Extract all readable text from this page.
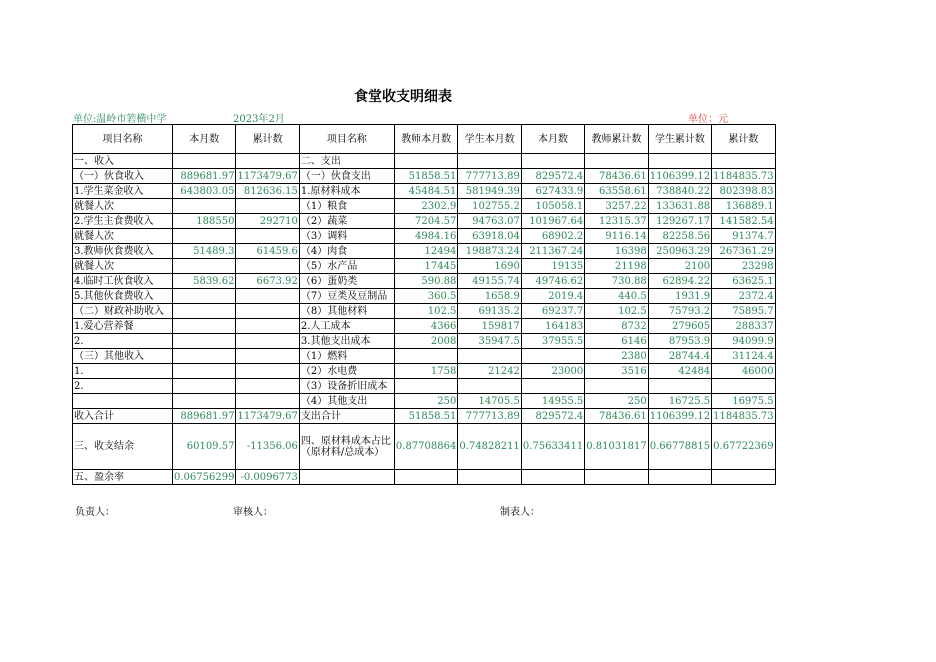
食堂收支明细表
单位:温岭市箬横中学	2023年2月	单位：元
项目名称	本月数	累计数	项目名称	教师本月数	学生本月数	本月数	教师累计数	学生累计数	累计数
一、收入			二、支出						
（一）伙食收入	889681.97	1173479.67	（一）伙食支出	51858.51	777713.89	829572.4	78436.61	1106399.12	1184835.73
1.学生菜金收入	643803.05	812636.15	1.原材料成本	45484.51	581949.39	627433.9	63558.61	738840.22	802398.83
就餐人次			（1）粮食	2302.9	102755.2	105058.1	3257.22	133631.88	136889.1
2.学生主食费收入	188550	292710	（2）蔬菜	7204.57	94763.07	101967.64	12315.37	129267.17	141582.54
就餐人次			（3）调料	4984.16	63918.04	68902.2	9116.14	82258.56	91374.7
3.教师伙食费收入	51489.3	61459.6	（4）肉食	12494	198873.24	211367.24	16398	250963.29	267361.29
就餐人次			（5）水产品	17445	1690	19135	21198	2100	23298
4.临时工伙食收入	5839.62	6673.92	（6）蛋奶类	590.88	49155.74	49746.62	730.88	62894.22	63625.1
5.其他伙食费收入			（7）豆类及豆制品	360.5	1658.9	2019.4	440.5	1931.9	2372.4
（二）财政补助收入			（8）其他材料	102.5	69135.2	69237.7	102.5	75793.2	75895.7
1.爱心营养餐			2.人工成本	4366	159817	164183	8732	279605	288337
2.			3.其他支出成本	2008	35947.5	37955.5	6146	87953.9	94099.9
（三）其他收入			（1）燃料				2380	28744.4	31124.4
1.			（2）水电费	1758	21242	23000	3516	42484	46000
2.			（3）设备折旧成本						
			（4）其他支出	250	14705.5	14955.5	250	16725.5	16975.5
收入合计	889681.97	1173479.67	支出合计	51858.51	777713.89	829572.4	78436.61	1106399.12	1184835.73
三、收支结余	60109.57	-11356.06	四、原材料成本占比 （原材料/总成本）	0.87708864	0.74828211	0.75633411	0.81031817	0.66778815	0.67722369
五、盈余率	0.06756299	-0.0096773							
负责人：	审核人：	制表人：
